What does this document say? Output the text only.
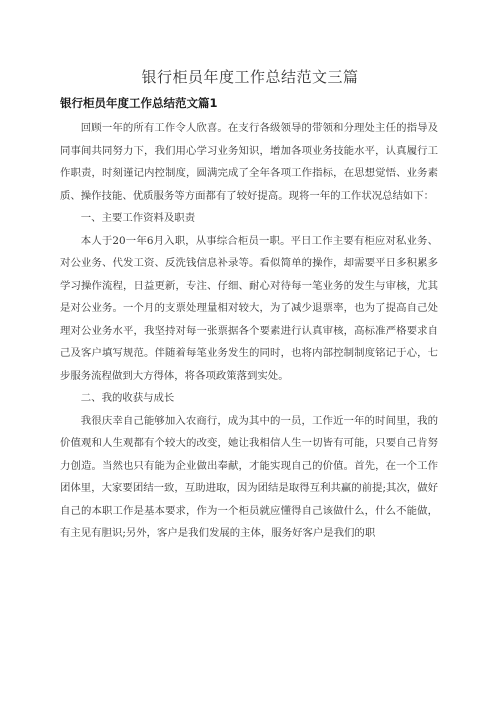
银行柜员年度工作总结范文三篇
银行柜员年度工作总结范文篇1

回顾一年的所有工作令人欣喜。在支行各级领导的带领和分理处主任的指导及同事间共同努力下，我们用心学习业务知识，增加各项业务技能水平，认真履行工作职责，时刻谨记内控制度，圆满完成了全年各项工作指标，在思想觉悟、业务素质、操作技能、优质服务等方面都有了较好提高。现将一年的工作状况总结如下：

一、主要工作资料及职责

本人于20一年6月入职，从事综合柜员一职。平日工作主要有柜应对私业务、对公业务、代发工资、反洗钱信息补录等。看似简单的操作，却需要平日多积累多学习操作流程，日益更新，专注、仔细、耐心对待每一笔业务的发生与审核，尤其是对公业务。一个月的支票处理量相对较大，为了减少退票率，也为了提高自己处理对公业务水平，我坚持对每一张票据各个要素进行认真审核，高标准严格要求自己及客户填写规范。伴随着每笔业务发生的同时，也将内部控制制度铭记于心，七步服务流程做到大方得体，将各项政策落到实处。

二、我的收获与成长

我很庆幸自己能够加入农商行，成为其中的一员，工作近一年的时间里，我的价值观和人生观都有个较大的改变，她让我相信人生一切皆有可能，只要自己肯努力创造。当然也只有能为企业做出奉献，才能实现自己的价值。首先，在一个工作团体里，大家要团结一致，互助进取，因为团结是取得互利共赢的前提;其次，做好自己的本职工作是基本要求，作为一个柜员就应懂得自己该做什么，什么不能做，有主见有胆识;另外，客户是我们发展的主体，服务好客户是我们的职
